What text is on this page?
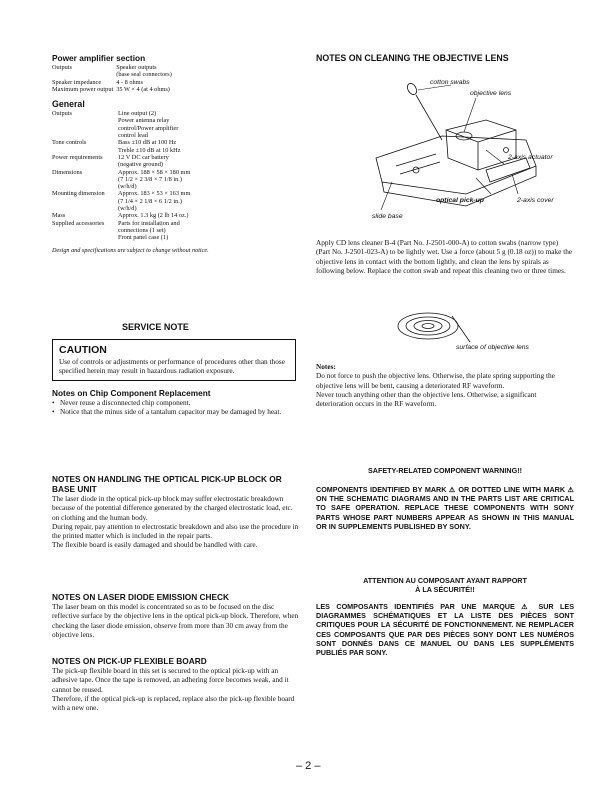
Power amplifier section
Outputs	Speaker outputs
(base seal connectors)

Speaker impedance	4 - 8 ohms

Maximum power output	35 W × 4 (at 4 ohms)
General
Outputs	Line output (2)
Power antenna relay
control/Power amplifier
control lead

Tone controls	Bass ±10 dB at 100 Hz
Treble ±10 dB at 10 kHz

Power requirements	12 V DC car battery
(negative ground)

Dimensions	Approx. 188 × 58 × 180 mm
(7 1/2 × 2 3/8 × 7 1/8 in.)
(w/h/d)

Mounting dimension	Approx. 183 × 53 × 163 mm
(7 1/4 × 2 1/8 × 6 1/2 in.)
(w/h/d)

Mass	Approx. 1.3 kg (2 lb 14 oz.)

Supplied accessories	Parts for installation and
connections (1 set)
Front panel case (1)
Design and specifications are subject to change without notice.
SERVICE NOTE
CAUTION
Use of controls or adjustments or performance of procedures other than those specified herein may result in hazardous radiation exposure.
Notes on Chip Component Replacement
• Never reuse a disconnected chip component.
• Notice that the minus side of a tantalum capacitor may be damaged by heat.
NOTES ON HANDLING THE OPTICAL PICK-UP BLOCK OR BASE UNIT
The laser diode in the optical pick-up block may suffer electrostatic breakdown because of the potential difference generated by the charged electrostatic load, etc. on clothing and the human body.
During repair, pay attention to electrostatic breakdown and also use the procedure in the printed matter which is included in the repair parts.
The flexible board is easily damaged and should be handled with care.
NOTES ON LASER DIODE EMISSION CHECK
The laser beam on this model is concentrated so as to be focused on the disc reflective surface by the objective lens in the optical pick-up block. Therefore, when checking the laser diode emission, observe from more than 30 cm away from the objective lens.
NOTES ON PICK-UP FLEXIBLE BOARD
The pick-up flexible board in this set is secured to the optical pick-up with an adhesive tape. Once the tape is removed, an adhering force becomes weak, and it cannot be reused.
Therefore, if the optical pick-up is replaced, replace also the pick-up flexible board with a new one.
NOTES ON CLEANING THE OBJECTIVE LENS
cotton swabs
objective lens
2-axis actuator
optical pick-up	2-axis cover
slide base
Apply CD lens cleaner B-4 (Part No. J-2501-000-A) to cotton swabs (narrow type) (Part No. J-2501-023-A) to be lightly wet. Use a force (about 5 g (0.18 oz)) to make the objective lens in contact with the bottom lightly, and clean the lens by spirals as following below. Replace the cotton swab and repeat this cleaning two or three times.
surface of objective lens
Notes:
Do not force to push the objective lens. Otherwise, the plate spring supporting the objective lens will be bent, causing a deteriorated RF waveform.
Never touch anything other than the objective lens. Otherwise, a significant deterioration occurs in the RF waveform.
SAFETY-RELATED COMPONENT WARNING!!
COMPONENTS IDENTIFIED BY MARK ⚠ OR DOTTED LINE WITH MARK ⚠ ON THE SCHEMATIC DIAGRAMS AND IN THE PARTS LIST ARE CRITICAL TO SAFE OPERATION. REPLACE THESE COMPONENTS WITH SONY PARTS WHOSE PART NUMBERS APPEAR AS SHOWN IN THIS MANUAL OR IN SUPPLEMENTS PUBLISHED BY SONY.
ATTENTION AU COMPOSANT AYANT RAPPORT
À LA SÉCURITÉ!!
LES COMPOSANTS IDENTIFIÉS PAR UNE MARQUE ⚠ SUR LES DIAGRAMMES SCHÉMATIQUES ET LA LISTE DES PIÈCES SONT CRITIQUES POUR LA SÉCURITÉ DE FONCTIONNEMENT. NE REMPLACER CES COMPOSANTS QUE PAR DES PIÈCES SONY DONT LES NUMÉROS SONT DONNÉS DANS CE MANUEL OU DANS LES SUPPLÉMENTS PUBLIÉS PAR SONY.
– 2 –
